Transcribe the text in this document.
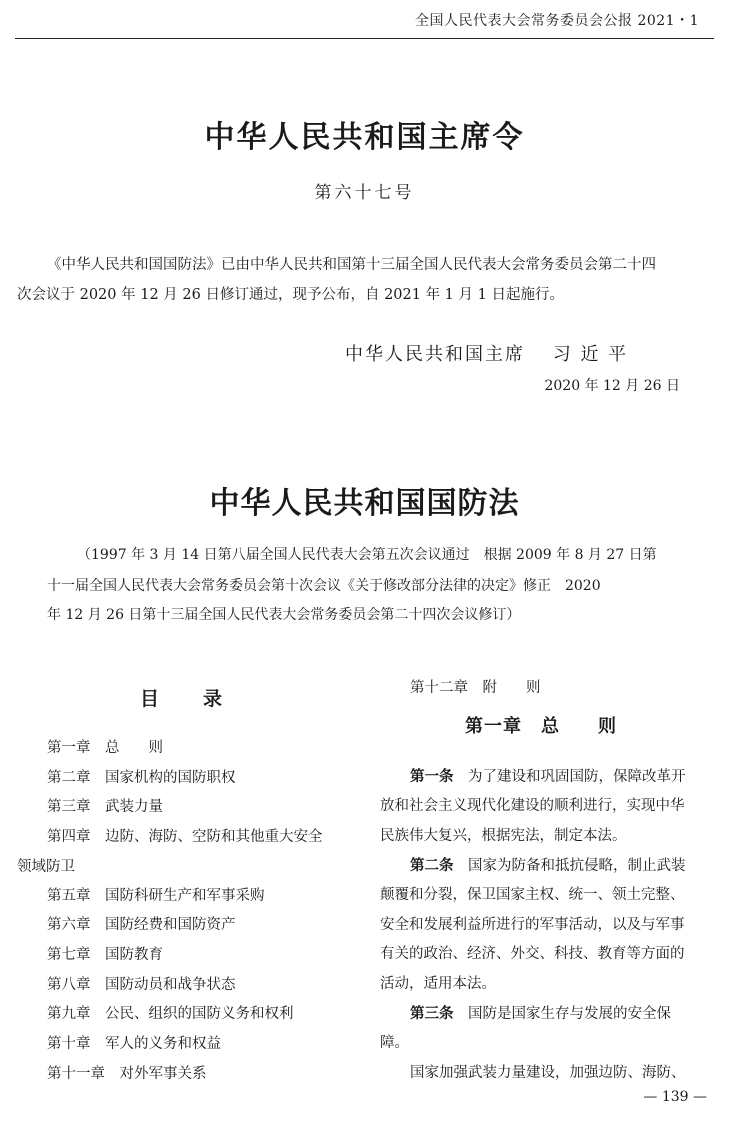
全国人民代表大会常务委员会公报 2021・1
中华人民共和国主席令
第六十七号
《中华人民共和国国防法》已由中华人民共和国第十三届全国人民代表大会常务委员会第二十四
次会议于 2020 年 12 月 26 日修订通过，现予公布，自 2021 年 1 月 1 日起施行。
中华人民共和国主席　 习 近 平
2020 年 12 月 26 日
中华人民共和国国防法
（1997 年 3 月 14 日第八届全国人民代表大会第五次会议通过　根据 2009 年 8 月 27 日第
十一届全国人民代表大会常务委员会第十次会议《关于修改部分法律的决定》修正　2020
年 12 月 26 日第十三届全国人民代表大会常务委员会第二十四次会议修订）
目录
第一章　总　　则
第二章　国家机构的国防职权
第三章　武装力量
第四章　边防、海防、空防和其他重大安全
领域防卫
第五章　国防科研生产和军事采购
第六章　国防经费和国防资产
第七章　国防教育
第八章　国防动员和战争状态
第九章　公民、组织的国防义务和权利
第十章　军人的义务和权益
第十一章　对外军事关系
第十二章　附　　则
第一章　总　　则
第一条　 为了建设和巩固国防，保障改革开
放和社会主义现代化建设的顺利进行，实现中华
民族伟大复兴，根据宪法，制定本法。
第二条　 国家为防备和抵抗侵略，制止武装
颠覆和分裂，保卫国家主权、统一、领土完整、
安全和发展利益所进行的军事活动，以及与军事
有关的政治、经济、外交、科技、教育等方面的
活动，适用本法。
第三条　 国防是国家生存与发展的安全保
障。
国家加强武装力量建设，加强边防、海防、
— 139 —
